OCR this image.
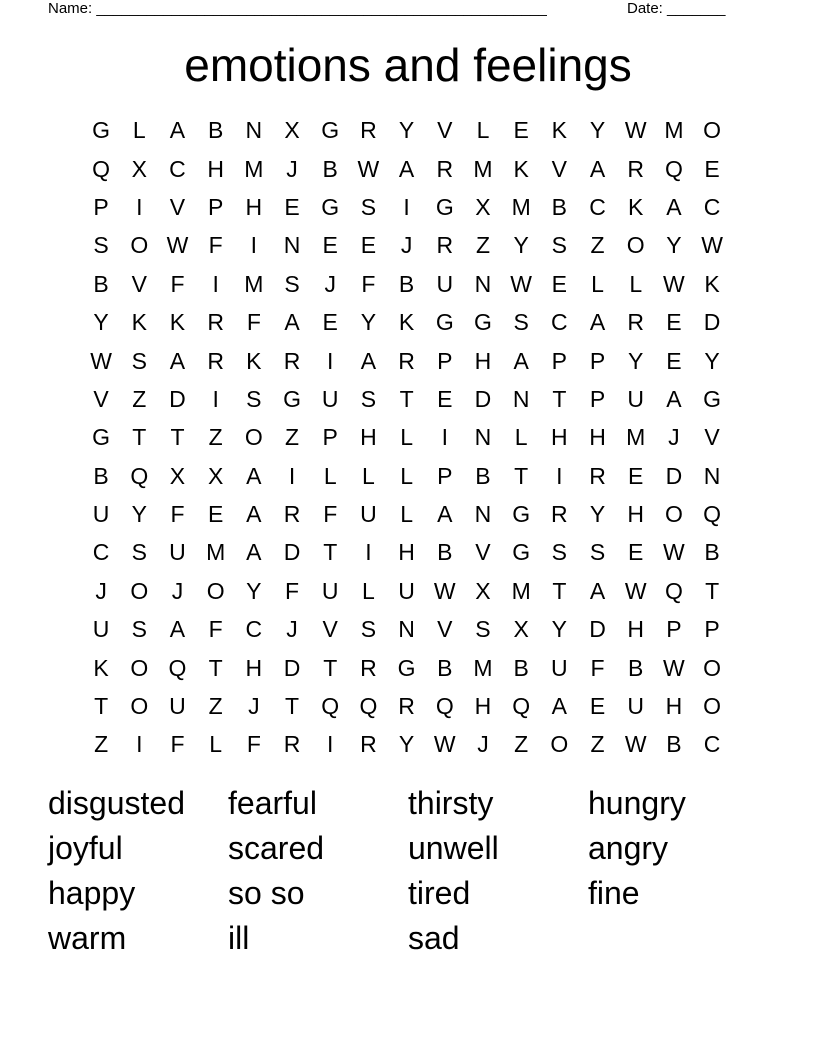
Name: ______________________________________________________	Date: _______
emotions and feelings
G L	A B N X G R Y V	L	E K Y W M O
Q X C H M J	B W A R M K V A R Q E
P	I	V P H E G S	I	G X M B C K A C
S O W F	I	N E E	J	R Z	Y S	Z O Y W
B V	F	I	M S	J	F	B U N W E	L	L W K
Y K K R F	A E Y K G G S C A R E D
W S A R K R	I	A R P H A P P Y E Y
V	Z D	I	S G U S	T	E D N T	P U A G
G T	T	Z O Z	P H	L	I	N	L	H H M J	V
B Q X X A	I	L	L	L	P B	T	I	R E D N
U Y	F	E A R F U	L	A N G R Y H O Q
C S U M A D T	I	H B V G S S E W B
J	O	J	O Y	F U	L	U W X M T	A W Q T
U S A	F C	J	V S N V S X Y D H P P
K O Q T H D T R G B M B U F	B W O
T O U Z	J	T Q Q R Q H Q A E U H O
Z	I	F	L	F R	I	R Y W J	Z O Z W B C
disgusted	fearful	thirsty	hungry
joyful	scared	unwell	angry
happy	so so	tired	fine
warm	ill	sad
